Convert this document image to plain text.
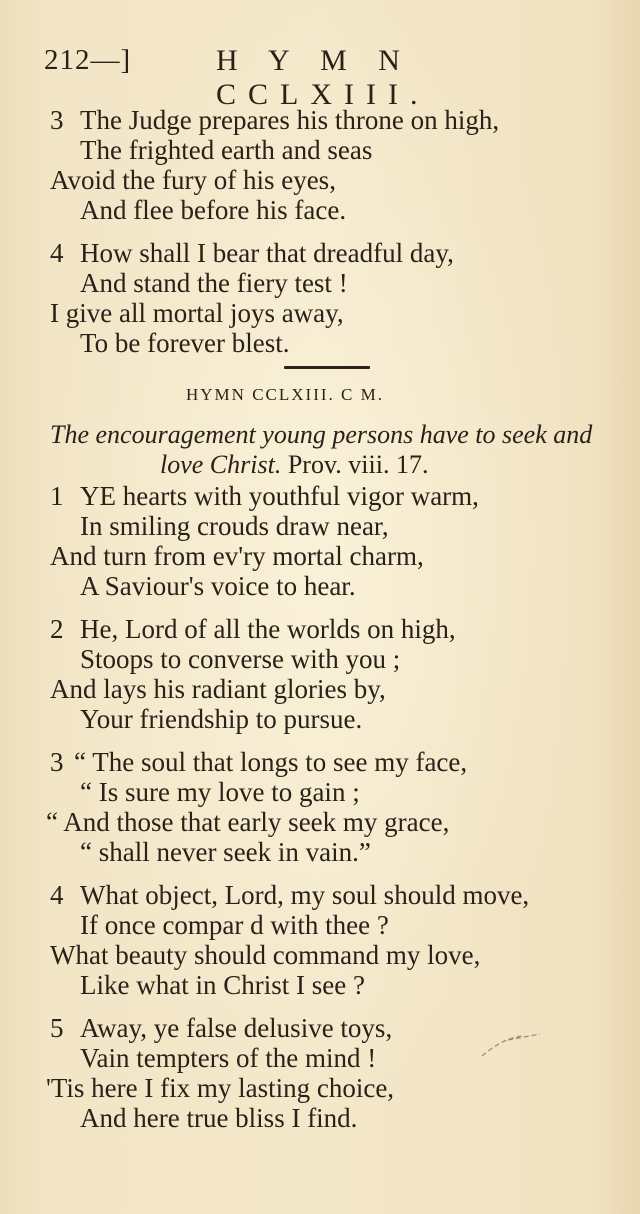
212—]	H Y M N CCLXIII.
3 The Judge prepares his throne on high,
The frighted earth and seas
Avoid the fury of his eyes,
And flee before his face.
4 How shall I bear that dreadful day,
And stand the fiery test !
I give all mortal joys away,
To be forever blest.
HYMN CCLXIII. C M.
The encouragement young persons have to seek and
love Christ. Prov. viii. 17.
1 YE hearts with youthful vigor warm,
In smiling crouds draw near,
And turn from ev'ry mortal charm,
A Saviour's voice to hear.
2 He, Lord of all the worlds on high,
Stoops to converse with you ;
And lays his radiant glories by,
Your friendship to pursue.
3 “ The soul that longs to see my face,
“ Is sure my love to gain ;
“ And those that early seek my grace,
“ shall never seek in vain.”
4 What object, Lord, my soul should move,
If once compar d with thee ?
What beauty should command my love,
Like what in Christ I see ?
5 Away, ye false delusive toys,
Vain tempters of the mind !
'Tis here I fix my lasting choice,
And here true bliss I find.
